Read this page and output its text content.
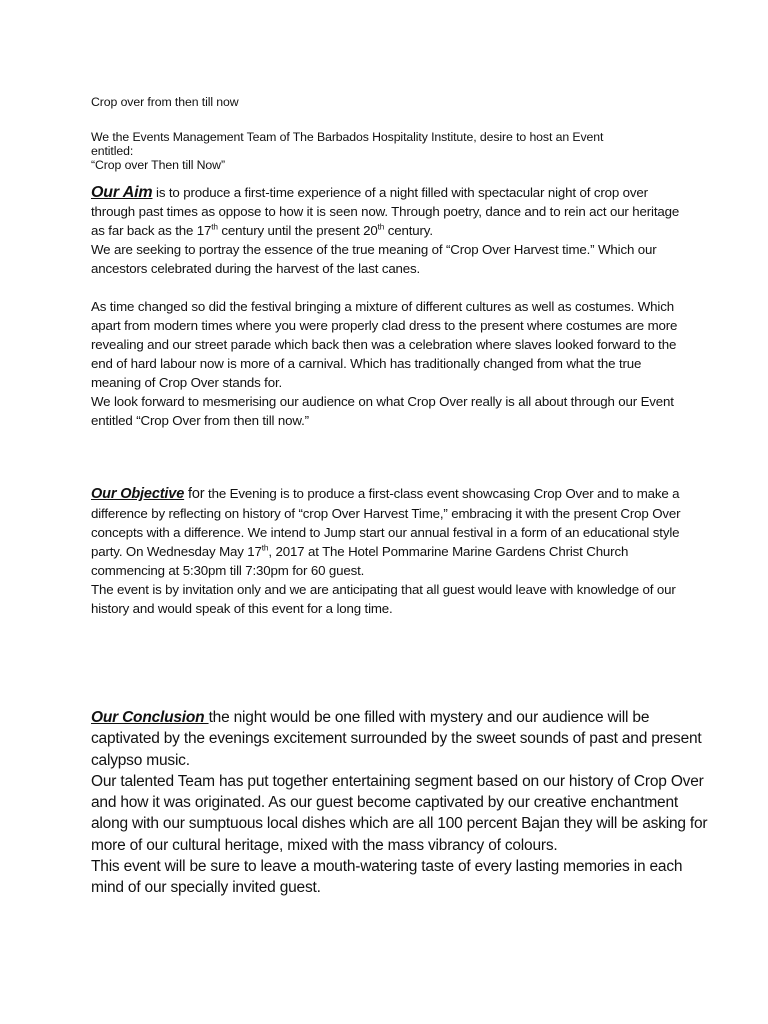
Crop over from then till now

We the Events Management Team of The Barbados Hospitality Institute, desire to host an Event

entitled:

“Crop over Then till Now”

Our Aim is to produce a first-time experience of a night filled with spectacular night of crop over through past times as oppose to how it is seen now. Through poetry, dance and to rein act our heritage as far back as the 17th century until the present 20th century.

We are seeking to portray the essence of the true meaning of “Crop Over Harvest time.” Which our ancestors celebrated during the harvest of the last canes.

As time changed so did the festival bringing a mixture of different cultures as well as costumes. Which apart from modern times where you were properly clad dress to the present where costumes are more revealing and our street parade which back then was a celebration where slaves looked forward to the end of hard labour now is more of a carnival. Which has traditionally changed from what the true meaning of Crop Over stands for.

We look forward to mesmerising our audience on what Crop Over really is all about through our Event entitled “Crop Over from then till now.”

Our Objective for the Evening is to produce a first-class event showcasing Crop Over and to make a difference by reflecting on history of “crop Over Harvest Time,” embracing it with the present Crop Over concepts with a difference. We intend to Jump start our annual festival in a form of an educational style party. On Wednesday May 17th, 2017 at The Hotel Pommarine Marine Gardens Christ Church commencing at 5:30pm till 7:30pm for 60 guest.

The event is by invitation only and we are anticipating that all guest would leave with knowledge of our history and would speak of this event for a long time.

Our Conclusion the night would be one filled with mystery and our audience will be captivated by the evenings excitement surrounded by the sweet sounds of past and present calypso music.

Our talented Team has put together entertaining segment based on our history of Crop Over and how it was originated. As our guest become captivated by our creative enchantment along with our sumptuous local dishes which are all 100 percent Bajan they will be asking for more of our cultural heritage, mixed with the mass vibrancy of colours.

This event will be sure to leave a mouth-watering taste of every lasting memories in each mind of our specially invited guest.
